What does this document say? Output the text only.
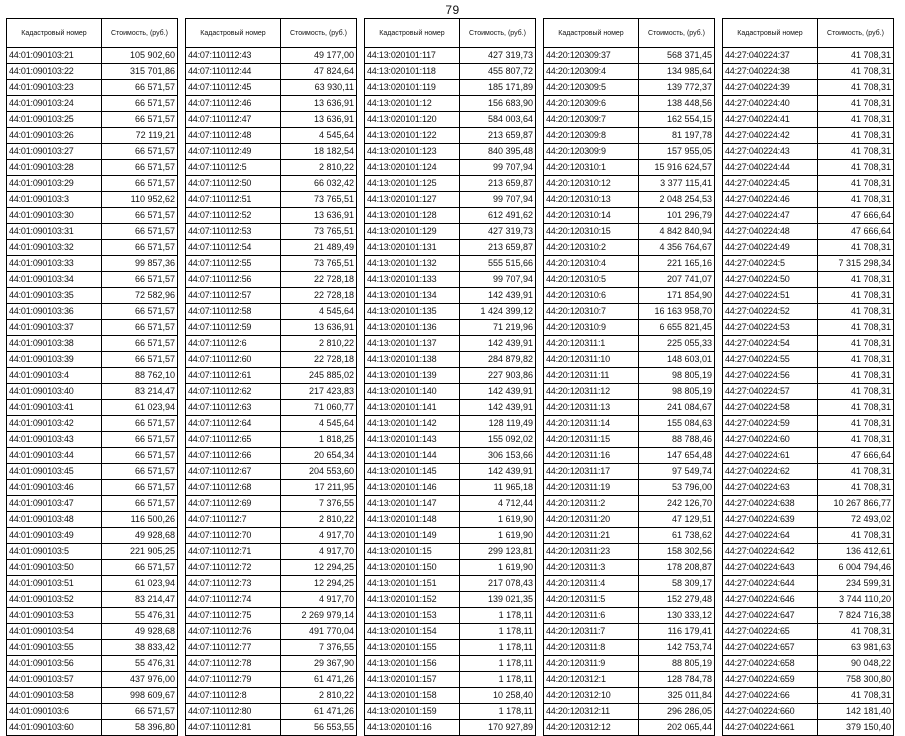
79
Кадастровый номер	Стоимость, (руб.)
44:01:090103:21	105 902,60
44:01:090103:22	315 701,86
44:01:090103:23	66 571,57
44:01:090103:24	66 571,57
44:01:090103:25	66 571,57
44:01:090103:26	72 119,21
44:01:090103:27	66 571,57
44:01:090103:28	66 571,57
44:01:090103:29	66 571,57
44:01:090103:3	110 952,62
44:01:090103:30	66 571,57
44:01:090103:31	66 571,57
44:01:090103:32	66 571,57
44:01:090103:33	99 857,36
44:01:090103:34	66 571,57
44:01:090103:35	72 582,96
44:01:090103:36	66 571,57
44:01:090103:37	66 571,57
44:01:090103:38	66 571,57
44:01:090103:39	66 571,57
44:01:090103:4	88 762,10
44:01:090103:40	83 214,47
44:01:090103:41	61 023,94
44:01:090103:42	66 571,57
44:01:090103:43	66 571,57
44:01:090103:44	66 571,57
44:01:090103:45	66 571,57
44:01:090103:46	66 571,57
44:01:090103:47	66 571,57
44:01:090103:48	116 500,26
44:01:090103:49	49 928,68
44:01:090103:5	221 905,25
44:01:090103:50	66 571,57
44:01:090103:51	61 023,94
44:01:090103:52	83 214,47
44:01:090103:53	55 476,31
44:01:090103:54	49 928,68
44:01:090103:55	38 833,42
44:01:090103:56	55 476,31
44:01:090103:57	437 976,00
44:01:090103:58	998 609,67
44:01:090103:6	66 571,57
44:01:090103:60	58 396,80
Кадастровый номер	Стоимость, (руб.)
44:07:110112:43	49 177,00
44:07:110112:44	47 824,64
44:07:110112:45	63 930,11
44:07:110112:46	13 636,91
44:07:110112:47	13 636,91
44:07:110112:48	4 545,64
44:07:110112:49	18 182,54
44:07:110112:5	2 810,22
44:07:110112:50	66 032,42
44:07:110112:51	73 765,51
44:07:110112:52	13 636,91
44:07:110112:53	73 765,51
44:07:110112:54	21 489,49
44:07:110112:55	73 765,51
44:07:110112:56	22 728,18
44:07:110112:57	22 728,18
44:07:110112:58	4 545,64
44:07:110112:59	13 636,91
44:07:110112:6	2 810,22
44:07:110112:60	22 728,18
44:07:110112:61	245 885,02
44:07:110112:62	217 423,83
44:07:110112:63	71 060,77
44:07:110112:64	4 545,64
44:07:110112:65	1 818,25
44:07:110112:66	20 654,34
44:07:110112:67	204 553,60
44:07:110112:68	17 211,95
44:07:110112:69	7 376,55
44:07:110112:7	2 810,22
44:07:110112:70	4 917,70
44:07:110112:71	4 917,70
44:07:110112:72	12 294,25
44:07:110112:73	12 294,25
44:07:110112:74	4 917,70
44:07:110112:75	2 269 979,14
44:07:110112:76	491 770,04
44:07:110112:77	7 376,55
44:07:110112:78	29 367,90
44:07:110112:79	61 471,26
44:07:110112:8	2 810,22
44:07:110112:80	61 471,26
44:07:110112:81	56 553,55
Кадастровый номер	Стоимость, (руб.)
44:13:020101:117	427 319,73
44:13:020101:118	455 807,72
44:13:020101:119	185 171,89
44:13:020101:12	156 683,90
44:13:020101:120	584 003,64
44:13:020101:122	213 659,87
44:13:020101:123	840 395,48
44:13:020101:124	99 707,94
44:13:020101:125	213 659,87
44:13:020101:127	99 707,94
44:13:020101:128	612 491,62
44:13:020101:129	427 319,73
44:13:020101:131	213 659,87
44:13:020101:132	555 515,66
44:13:020101:133	99 707,94
44:13:020101:134	142 439,91
44:13:020101:135	1 424 399,12
44:13:020101:136	71 219,96
44:13:020101:137	142 439,91
44:13:020101:138	284 879,82
44:13:020101:139	227 903,86
44:13:020101:140	142 439,91
44:13:020101:141	142 439,91
44:13:020101:142	128 119,49
44:13:020101:143	155 092,02
44:13:020101:144	306 153,66
44:13:020101:145	142 439,91
44:13:020101:146	11 965,18
44:13:020101:147	4 712,44
44:13:020101:148	1 619,90
44:13:020101:149	1 619,90
44:13:020101:15	299 123,81
44:13:020101:150	1 619,90
44:13:020101:151	217 078,43
44:13:020101:152	139 021,35
44:13:020101:153	1 178,11
44:13:020101:154	1 178,11
44:13:020101:155	1 178,11
44:13:020101:156	1 178,11
44:13:020101:157	1 178,11
44:13:020101:158	10 258,40
44:13:020101:159	1 178,11
44:13:020101:16	170 927,89
Кадастровый номер	Стоимость, (руб.)
44:20:120309:37	568 371,45
44:20:120309:4	134 985,64
44:20:120309:5	139 772,37
44:20:120309:6	138 448,56
44:20:120309:7	162 554,15
44:20:120309:8	81 197,78
44:20:120309:9	157 955,05
44:20:120310:1	15 916 624,57
44:20:120310:12	3 377 115,41
44:20:120310:13	2 048 254,53
44:20:120310:14	101 296,79
44:20:120310:15	4 842 840,94
44:20:120310:2	4 356 764,67
44:20:120310:4	221 165,16
44:20:120310:5	207 741,07
44:20:120310:6	171 854,90
44:20:120310:7	16 163 958,70
44:20:120310:9	6 655 821,45
44:20:120311:1	225 055,33
44:20:120311:10	148 603,01
44:20:120311:11	98 805,19
44:20:120311:12	98 805,19
44:20:120311:13	241 084,67
44:20:120311:14	155 084,63
44:20:120311:15	88 788,46
44:20:120311:16	147 654,48
44:20:120311:17	97 549,74
44:20:120311:19	53 796,00
44:20:120311:2	242 126,70
44:20:120311:20	47 129,51
44:20:120311:21	61 738,62
44:20:120311:23	158 302,56
44:20:120311:3	178 208,87
44:20:120311:4	58 309,17
44:20:120311:5	152 279,48
44:20:120311:6	130 333,12
44:20:120311:7	116 179,41
44:20:120311:8	142 753,74
44:20:120311:9	88 805,19
44:20:120312:1	128 784,78
44:20:120312:10	325 011,84
44:20:120312:11	296 286,05
44:20:120312:12	202 065,44
Кадастровый номер	Стоимость, (руб.)
44:27:040224:37	41 708,31
44:27:040224:38	41 708,31
44:27:040224:39	41 708,31
44:27:040224:40	41 708,31
44:27:040224:41	41 708,31
44:27:040224:42	41 708,31
44:27:040224:43	41 708,31
44:27:040224:44	41 708,31
44:27:040224:45	41 708,31
44:27:040224:46	41 708,31
44:27:040224:47	47 666,64
44:27:040224:48	47 666,64
44:27:040224:49	41 708,31
44:27:040224:5	7 315 298,34
44:27:040224:50	41 708,31
44:27:040224:51	41 708,31
44:27:040224:52	41 708,31
44:27:040224:53	41 708,31
44:27:040224:54	41 708,31
44:27:040224:55	41 708,31
44:27:040224:56	41 708,31
44:27:040224:57	41 708,31
44:27:040224:58	41 708,31
44:27:040224:59	41 708,31
44:27:040224:60	41 708,31
44:27:040224:61	47 666,64
44:27:040224:62	41 708,31
44:27:040224:63	41 708,31
44:27:040224:638	10 267 866,77
44:27:040224:639	72 493,02
44:27:040224:64	41 708,31
44:27:040224:642	136 412,61
44:27:040224:643	6 004 794,46
44:27:040224:644	234 599,31
44:27:040224:646	3 744 110,20
44:27:040224:647	7 824 716,38
44:27:040224:65	41 708,31
44:27:040224:657	63 981,63
44:27:040224:658	90 048,22
44:27:040224:659	758 300,80
44:27:040224:66	41 708,31
44:27:040224:660	142 181,40
44:27:040224:661	379 150,40
